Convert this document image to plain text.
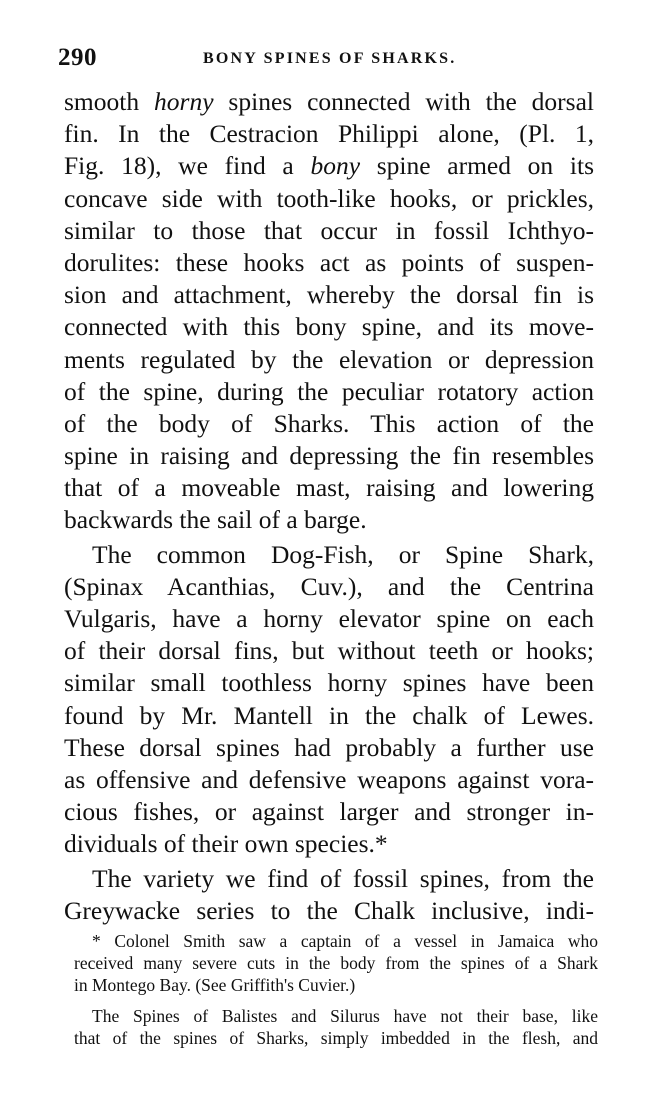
290	BONY SPINES OF SHARKS.
smooth horny spines connected with the dorsal
fin. In the Cestracion Philippi alone, (Pl. 1,
Fig. 18), we find a bony spine armed on its
concave side with tooth-like hooks, or prickles,
similar to those that occur in fossil Ichthyo-
dorulites: these hooks act as points of suspen-
sion and attachment, whereby the dorsal fin is
connected with this bony spine, and its move-
ments regulated by the elevation or depression
of the spine, during the peculiar rotatory action
of the body of Sharks. This action of the
spine in raising and depressing the fin resembles
that of a moveable mast, raising and lowering
backwards the sail of a barge.
The common Dog-Fish, or Spine Shark,
(Spinax Acanthias, Cuv.), and the Centrina
Vulgaris, have a horny elevator spine on each
of their dorsal fins, but without teeth or hooks;
similar small toothless horny spines have been
found by Mr. Mantell in the chalk of Lewes.
These dorsal spines had probably a further use
as offensive and defensive weapons against vora-
cious fishes, or against larger and stronger in-
dividuals of their own species.*
The variety we find of fossil spines, from the
Greywacke series to the Chalk inclusive, indi-
* Colonel Smith saw a captain of a vessel in Jamaica who
received many severe cuts in the body from the spines of a Shark
in Montego Bay. (See Griffith's Cuvier.)
The Spines of Balistes and Silurus have not their base, like
that of the spines of Sharks, simply imbedded in the flesh, and
